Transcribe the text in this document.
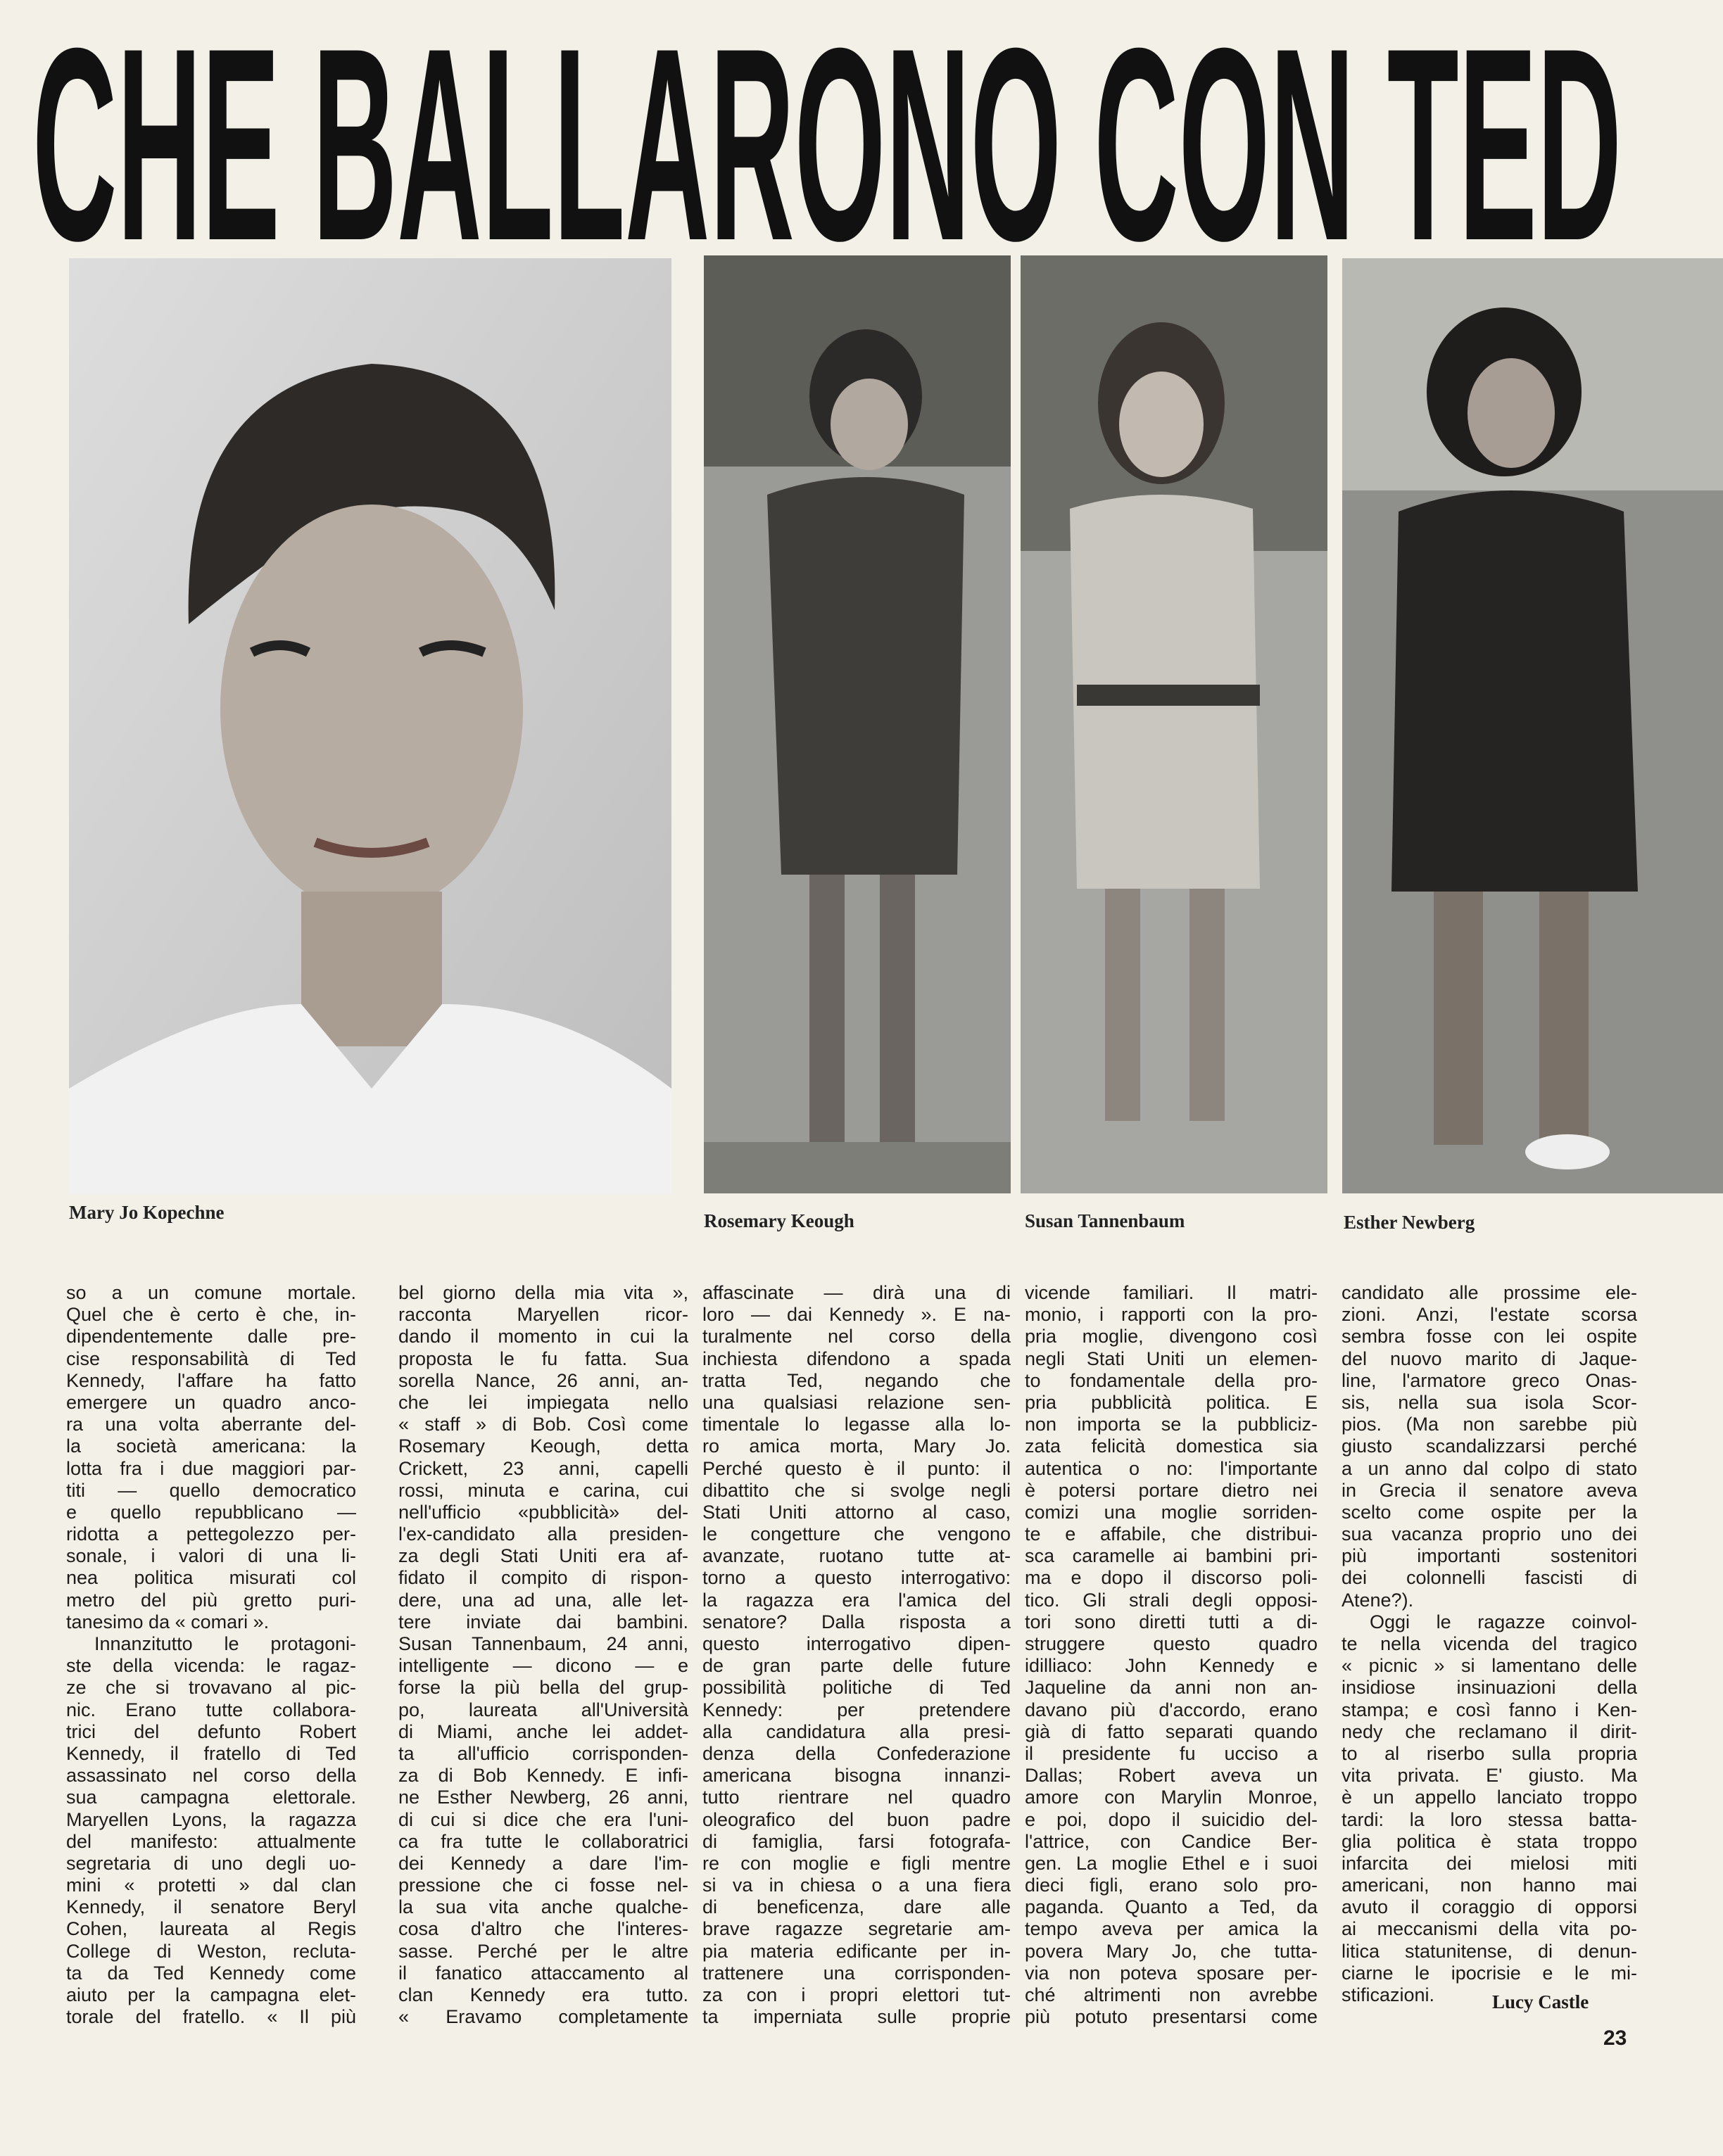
CHE BALLARONO CON TED
Mary Jo Kopechne	Rosemary Keough	Susan Tannenbaum	Esther Newberg
so a un comune mortale.
Quel che è certo è che, in-
dipendentemente dalle pre-
cise responsabilità di Ted
Kennedy, l'affare ha fatto
emergere un quadro anco-
ra una volta aberrante del-
la società americana: la
lotta fra i due maggiori par-
titi — quello democratico
e quello repubblicano —
ridotta a pettegolezzo per-
sonale, i valori di una li-
nea politica misurati col
metro del più gretto puri-
tanesimo da « comari ».
Innanzitutto le protagoni-
ste della vicenda: le ragaz-
ze che si trovavano al pic-
nic. Erano tutte collabora-
trici del defunto Robert
Kennedy, il fratello di Ted
assassinato nel corso della
sua campagna elettorale.
Maryellen Lyons, la ragazza
del manifesto: attualmente
segretaria di uno degli uo-
mini « protetti » dal clan
Kennedy, il senatore Beryl
Cohen, laureata al Regis
College di Weston, recluta-
ta da Ted Kennedy come
aiuto per la campagna elet-
torale del fratello. « Il più
bel giorno della mia vita »,
racconta Maryellen ricor-
dando il momento in cui la
proposta le fu fatta. Sua
sorella Nance, 26 anni, an-
che lei impiegata nello
« staff » di Bob. Così come
Rosemary Keough, detta
Crickett, 23 anni, capelli
rossi, minuta e carina, cui
nell'ufficio «pubblicità» del-
l'ex-candidato alla presiden-
za degli Stati Uniti era af-
fidato il compito di rispon-
dere, una ad una, alle let-
tere inviate dai bambini.
Susan Tannenbaum, 24 anni,
intelligente — dicono — e
forse la più bella del grup-
po, laureata all'Università
di Miami, anche lei addet-
ta all'ufficio corrisponden-
za di Bob Kennedy. E infi-
ne Esther Newberg, 26 anni,
di cui si dice che era l'uni-
ca fra tutte le collaboratrici
dei Kennedy a dare l'im-
pressione che ci fosse nel-
la sua vita anche qualche-
cosa d'altro che l'interes-
sasse. Perché per le altre
il fanatico attaccamento al
clan Kennedy era tutto.
« Eravamo completamente
affascinate — dirà una di
loro — dai Kennedy ». E na-
turalmente nel corso della
inchiesta difendono a spada
tratta Ted, negando che
una qualsiasi relazione sen-
timentale lo legasse alla lo-
ro amica morta, Mary Jo.
Perché questo è il punto: il
dibattito che si svolge negli
Stati Uniti attorno al caso,
le congetture che vengono
avanzate, ruotano tutte at-
torno a questo interrogativo:
la ragazza era l'amica del
senatore? Dalla risposta a
questo interrogativo dipen-
de gran parte delle future
possibilità politiche di Ted
Kennedy: per pretendere
alla candidatura alla presi-
denza della Confederazione
americana bisogna innanzi-
tutto rientrare nel quadro
oleografico del buon padre
di famiglia, farsi fotografa-
re con moglie e figli mentre
si va in chiesa o a una fiera
di beneficenza, dare alle
brave ragazze segretarie am-
pia materia edificante per in-
trattenere una corrisponden-
za con i propri elettori tut-
ta imperniata sulle proprie
vicende familiari. Il matri-
monio, i rapporti con la pro-
pria moglie, divengono così
negli Stati Uniti un elemen-
to fondamentale della pro-
pria pubblicità politica. E
non importa se la pubbliciz-
zata felicità domestica sia
autentica o no: l'importante
è potersi portare dietro nei
comizi una moglie sorriden-
te e affabile, che distribui-
sca caramelle ai bambini pri-
ma e dopo il discorso poli-
tico. Gli strali degli opposi-
tori sono diretti tutti a di-
struggere questo quadro
idilliaco: John Kennedy e
Jaqueline da anni non an-
davano più d'accordo, erano
già di fatto separati quando
il presidente fu ucciso a
Dallas; Robert aveva un
amore con Marylin Monroe,
e poi, dopo il suicidio del-
l'attrice, con Candice Ber-
gen. La moglie Ethel e i suoi
dieci figli, erano solo pro-
paganda. Quanto a Ted, da
tempo aveva per amica la
povera Mary Jo, che tutta-
via non poteva sposare per-
ché altrimenti non avrebbe
più potuto presentarsi come
candidato alle prossime ele-
zioni. Anzi, l'estate scorsa
sembra fosse con lei ospite
del nuovo marito di Jaque-
line, l'armatore greco Onas-
sis, nella sua isola Scor-
pios. (Ma non sarebbe più
giusto scandalizzarsi perché
a un anno dal colpo di stato
in Grecia il senatore aveva
scelto come ospite per la
sua vacanza proprio uno dei
più importanti sostenitori
dei colonnelli fascisti di
Atene?).
Oggi le ragazze coinvol-
te nella vicenda del tragico
« picnic » si lamentano delle
insidiose insinuazioni della
stampa; e così fanno i Ken-
nedy che reclamano il dirit-
to al riserbo sulla propria
vita privata. E' giusto. Ma
è un appello lanciato troppo
tardi: la loro stessa batta-
glia politica è stata troppo
infarcita dei mielosi miti
americani, non hanno mai
avuto il coraggio di opporsi
ai meccanismi della vita po-
litica statunitense, di denun-
ciarne le ipocrisie e le mi-
stificazioni.	Lucy Castle
23
